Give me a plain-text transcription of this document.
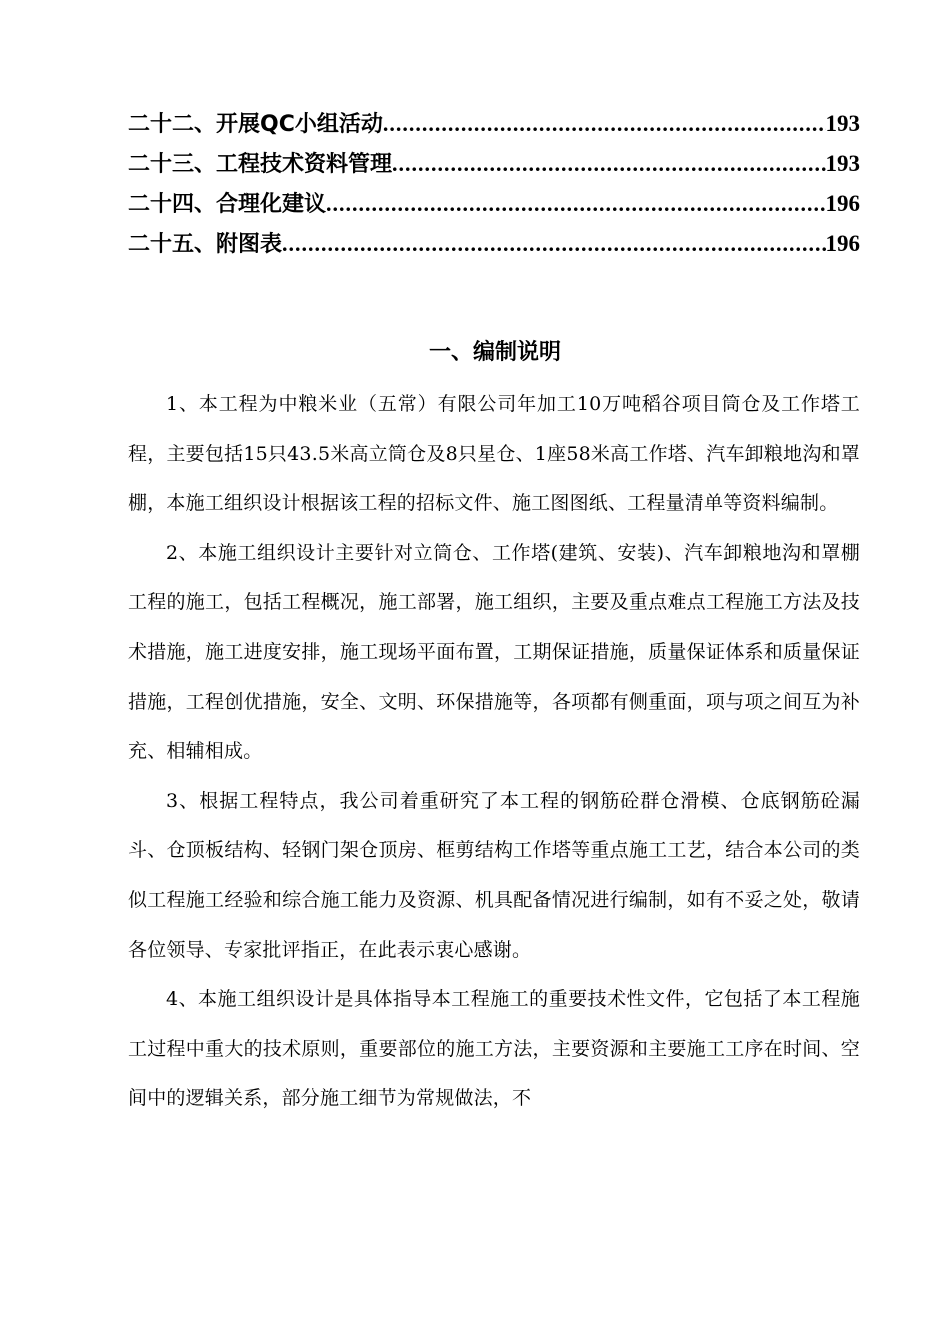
二十二、开展QC小组活动 .....	193
二十三、工程技术资料管理 .....	193
二十四、合理化建议 .....	196
二十五、附图表 .....	196
一、编制说明

1、本工程为中粮米业（五常）有限公司年加工10万吨稻谷项目筒仓及工作塔工程，主要包括15只43.5米高立筒仓及8只星仓、1座58米高工作塔、汽车卸粮地沟和罩棚，本施工组织设计根据该工程的招标文件、施工图图纸、工程量清单等资料编制。

2、本施工组织设计主要针对立筒仓、工作塔(建筑、安装)、汽车卸粮地沟和罩棚工程的施工，包括工程概况，施工部署，施工组织，主要及重点难点工程施工方法及技术措施，施工进度安排，施工现场平面布置，工期保证措施，质量保证体系和质量保证措施，工程创优措施，安全、文明、环保措施等，各项都有侧重面，项与项之间互为补充、相辅相成。

3、根据工程特点，我公司着重研究了本工程的钢筋砼群仓滑模、仓底钢筋砼漏斗、仓顶板结构、轻钢门架仓顶房、框剪结构工作塔等重点施工工艺，结合本公司的类似工程施工经验和综合施工能力及资源、机具配备情况进行编制，如有不妥之处，敬请各位领导、专家批评指正，在此表示衷心感谢。

4、本施工组织设计是具体指导本工程施工的重要技术性文件，它包括了本工程施工过程中重大的技术原则，重要部位的施工方法，主要资源和主要施工工序在时间、空间中的逻辑关系，部分施工细节为常规做法，不
